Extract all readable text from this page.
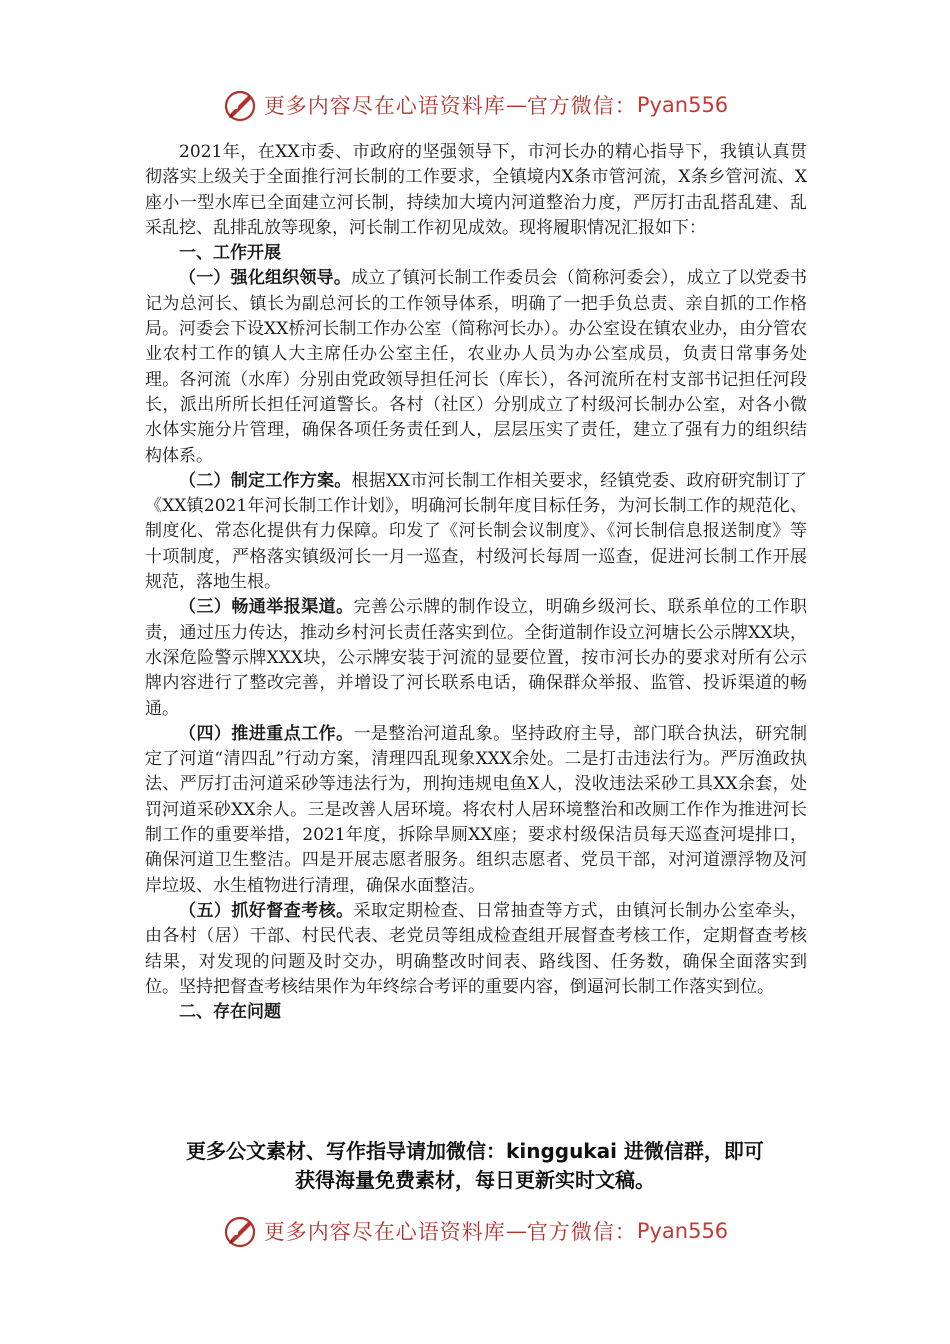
更多内容尽在心语资料库 — 官方微信： Pyan556

2021年，在XX市委、市政府的坚强领导下，市河长办的精心指导下，我镇认真贯彻落实上级关于全面推行河长制的工作要求，全镇境内X条市管河流，X条乡管河流、X座小一型水库已全面建立河长制，持续加大境内河道整治力度，严厉打击乱搭乱建、乱采乱挖、乱排乱放等现象，河长制工作初见成效。现将履职情况汇报如下：

一、工作开展

（一）强化组织领导。成立了镇河长制工作委员会（简称河委会），成立了以党委书记为总河长、镇长为副总河长的工作领导体系，明确了一把手负总责、亲自抓的工作格局。河委会下设XX桥河长制工作办公室（简称河长办）。办公室设在镇农业办，由分管农业农村工作的镇人大主席任办公室主任，农业办人员为办公室成员，负责日常事务处理。各河流（水库）分别由党政领导担任河长（库长），各河流所在村支部书记担任河段长，派出所所长担任河道警长。各村（社区）分别成立了村级河长制办公室，对各小微水体实施分片管理，确保各项任务责任到人，层层压实了责任，建立了强有力的组织结构体系。

（二）制定工作方案。根据XX市河长制工作相关要求，经镇党委、政府研究制订了《XX镇2021年河长制工作计划》，明确河长制年度目标任务，为河长制工作的规范化、制度化、常态化提供有力保障。印发了《河长制会议制度》、《河长制信息报送制度》等十项制度，严格落实镇级河长一月一巡查，村级河长每周一巡查，促进河长制工作开展规范，落地生根。

（三）畅通举报渠道。完善公示牌的制作设立，明确乡级河长、联系单位的工作职责，通过压力传达，推动乡村河长责任落实到位。全街道制作设立河塘长公示牌XX块，水深危险警示牌XXX块，公示牌安装于河流的显要位置，按市河长办的要求对所有公示牌内容进行了整改完善，并增设了河长联系电话，确保群众举报、监管、投诉渠道的畅通。

（四）推进重点工作。一是整治河道乱象。坚持政府主导，部门联合执法，研究制定了河道“清四乱”行动方案，清理四乱现象XXX余处。二是打击违法行为。严厉渔政执法、严厉打击河道采砂等违法行为，刑拘违规电鱼X人，没收违法采砂工具XX余套，处罚河道采砂XX余人。三是改善人居环境。将农村人居环境整治和改厕工作作为推进河长制工作的重要举措，2021年度，拆除旱厕XX座；要求村级保洁员每天巡查河堤排口，确保河道卫生整洁。四是开展志愿者服务。组织志愿者、党员干部，对河道漂浮物及河岸垃圾、水生植物进行清理，确保水面整洁。

（五）抓好督查考核。采取定期检查、日常抽查等方式，由镇河长制办公室牵头，由各村（居）干部、村民代表、老党员等组成检查组开展督查考核工作，定期督查考核结果，对发现的问题及时交办，明确整改时间表、路线图、任务数，确保全面落实到位。坚持把督查考核结果作为年终综合考评的重要内容，倒逼河长制工作落实到位。

二、存在问题

更多公文素材、写作指导请加微信：kinggukai 进微信群，即可
获得海量免费素材，每日更新实时文稿。
更多内容尽在心语资料库 — 官方微信： Pyan556
